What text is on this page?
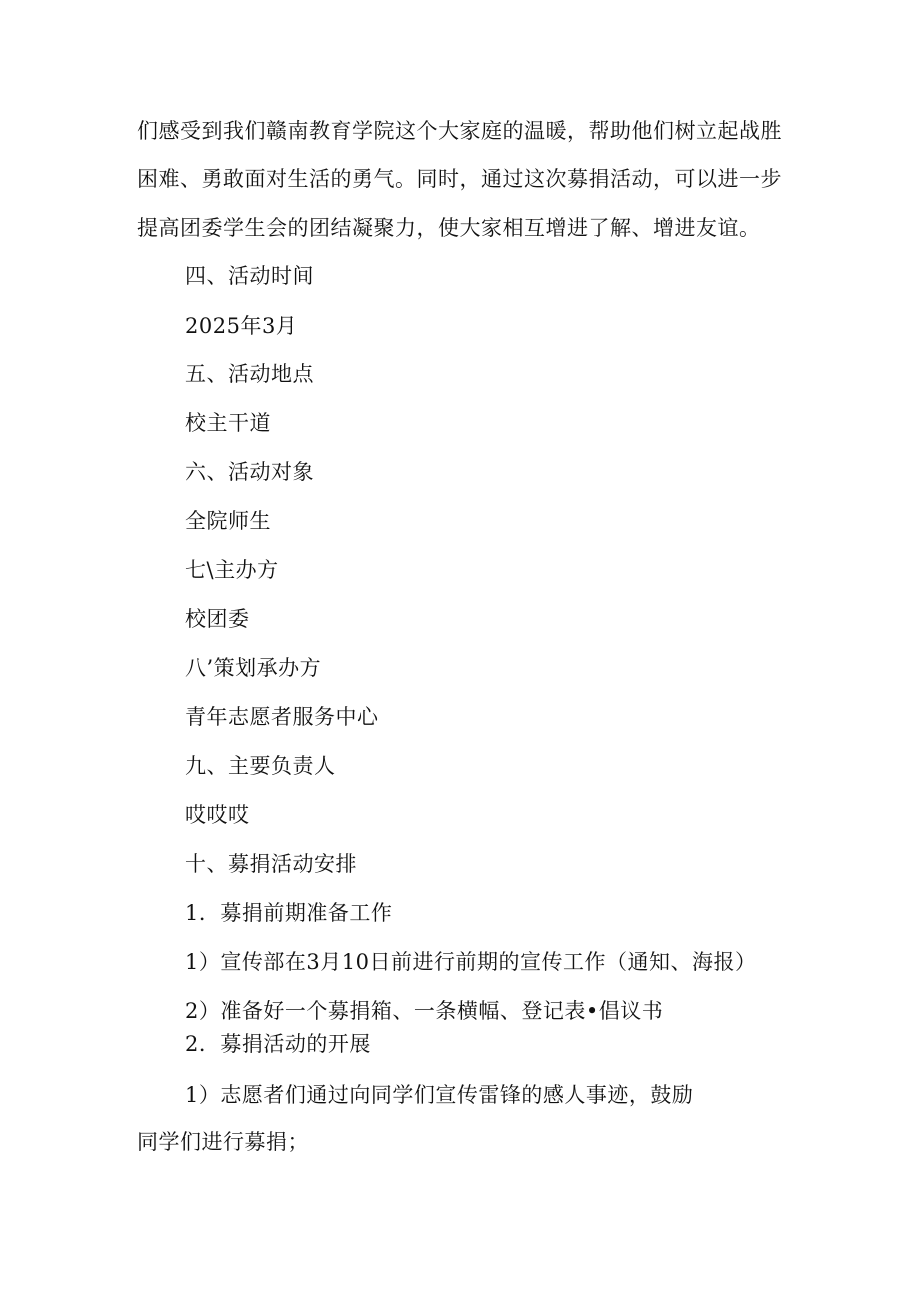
们感受到我们赣南教育学院这个大家庭的温暖，帮助他们树立起战胜
困难、勇敢面对生活的勇气。同时，通过这次募捐活动，可以进一步
提高团委学生会的团结凝聚力，使大家相互增进了解、增进友谊。
四、活动时间
2025年3月
五、活动地点
校主干道
六、活动对象
全院师生
七\主办方
校团委
八’策划承办方
青年志愿者服务中心
九、主要负责人
哎哎哎
十、募捐活动安排
1．募捐前期准备工作
1）宣传部在3月10日前进行前期的宣传工作（通知、海报）
2）准备好一个募捐箱、一条横幅、登记表•倡议书
2．募捐活动的开展
1）志愿者们通过向同学们宣传雷锋的感人事迹，鼓励
同学们进行募捐；
